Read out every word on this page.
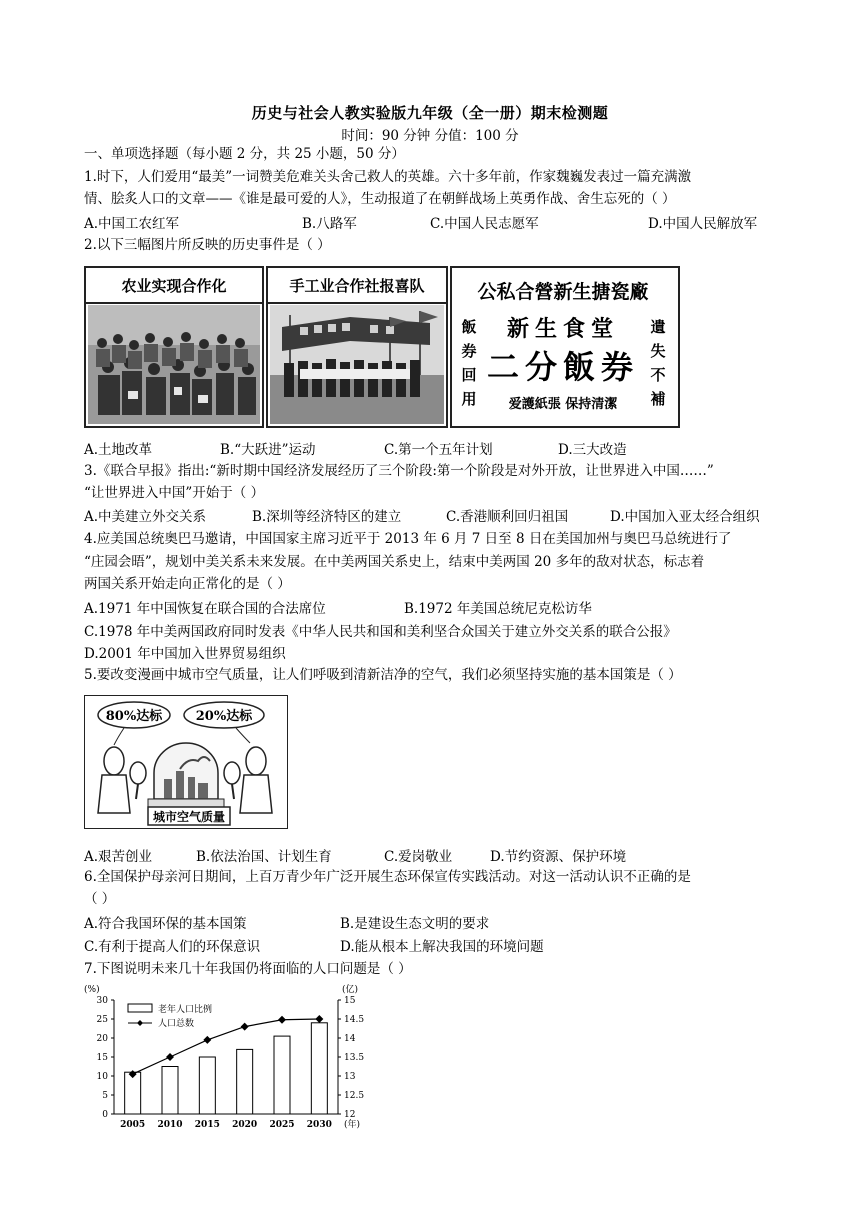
历史与社会人教实验版九年级（全一册）期末检测题
时间：90 分钟 分值：100 分
一、单项选择题（每小题 2 分，共 25 小题，50 分）
1.时下，人们爱用“最美”一词赞美危难关头舍己救人的英雄。六十多年前，作家魏巍发表过一篇充满激
情、脍炙人口的文章——《谁是最可爱的人》，生动报道了在朝鲜战场上英勇作战、舍生忘死的（ ）
A.中国工农红军	B.八路军	C.中国人民志愿军	D.中国人民解放军
2.以下三幅图片所反映的历史事件是（ ）
农业实现合作化	手工业合作社报喜队	公私合營新生搪瓷廠
飯
券
回
用
遺
失
不
補
新生食堂
二分飯券
爱護紙張 保持清潔
A.土地改革	B.“大跃进”运动	C.第一个五年计划	D.三大改造
3.《联合早报》指出:“新时期中国经济发展经历了三个阶段:第一个阶段是对外开放，让世界进入中国……”
“让世界进入中国”开始于（ ）
A.中美建立外交关系	B.深圳等经济特区的建立	C.香港顺利回归祖国	D.中国加入亚太经合组织
4.应美国总统奥巴马邀请，中国国家主席习近平于 2013 年 6 月 7 日至 8 日在美国加州与奥巴马总统进行了
“庄园会晤”，规划中美关系未来发展。在中美两国关系史上，结束中美两国 20 多年的敌对状态，标志着
两国关系开始走向正常化的是（ ）
A.1971 年中国恢复在联合国的合法席位	B.1972 年美国总统尼克松访华
C.1978 年中美两国政府同时发表《中华人民共和国和美利坚合众国关于建立外交关系的联合公报》
D.2001 年中国加入世界贸易组织
5.要改变漫画中城市空气质量，让人们呼吸到清新洁净的空气，我们必须坚持实施的基本国策是（ ）
80%达标	20%达标
城市空气质量
A.艰苦创业	B.依法治国、计划生育	C.爱岗敬业	D.节约资源、保护环境
6.全国保护母亲河日期间，上百万青少年广泛开展生态环保宣传实践活动。对这一活动认识不正确的是
（ ）
A.符合我国环保的基本国策	B.是建设生态文明的要求
C.有利于提高人们的环保意识	D.能从根本上解决我国的环境问题
7.下图说明未来几十年我国仍将面临的人口问题是（ ）
0
5
10
15
20
25
30
12
12.5
13
13.5
14
14.5
15
(%)	(亿)
2005 2010 2015 2020 2025 2030 (年)
老年人口比例
人口总数
